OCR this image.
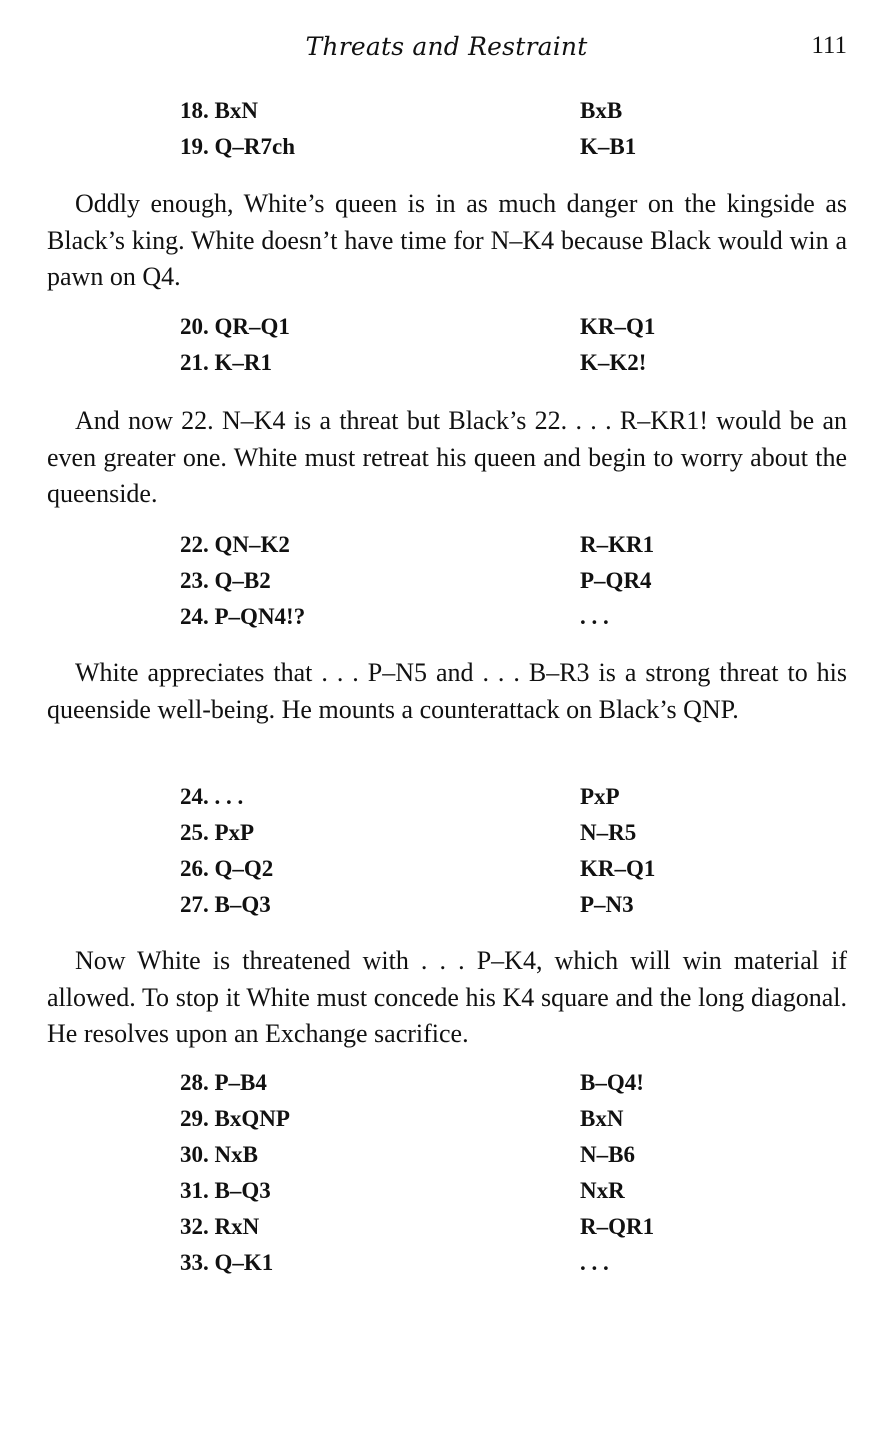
Threats and Restraint	111
18. BxN	BxB
19. Q–R7ch	K–B1

Oddly enough, White’s queen is in as much danger on the kingside as Black’s king. White doesn’t have time for N–K4 because Black would win a pawn on Q4.

20. QR–Q1	KR–Q1
21. K–R1	K–K2!

And now 22. N–K4 is a threat but Black’s 22. . . . R–KR1! would be an even greater one. White must retreat his queen and begin to worry about the queenside.

22. QN–K2	R–KR1
23. Q–B2	P–QR4
24. P–QN4!?	. . .

White appreciates that . . . P–N5 and . . . B–R3 is a strong threat to his queenside well-being. He mounts a counterattack on Black’s QNP.

24. . . .	PxP
25. PxP	N–R5
26. Q–Q2	KR–Q1
27. B–Q3	P–N3

Now White is threatened with . . . P–K4, which will win material if allowed. To stop it White must concede his K4 square and the long diagonal. He resolves upon an Exchange sacrifice.

28. P–B4	B–Q4!
29. BxQNP	BxN
30. NxB	N–B6
31. B–Q3	NxR
32. RxN	R–QR1
33. Q–K1	. . .
